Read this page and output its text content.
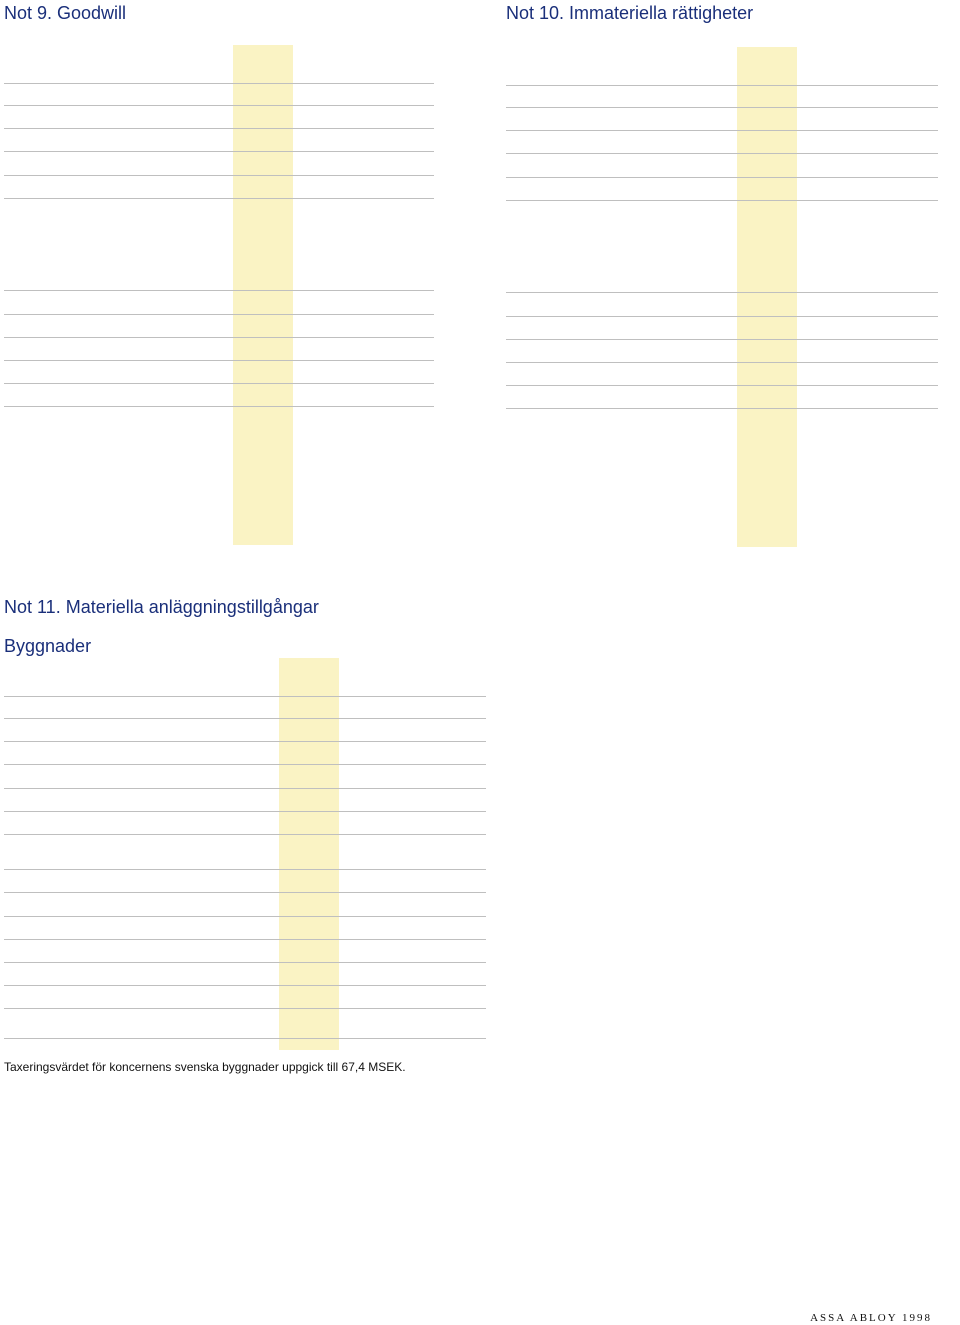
Not 9. Goodwill	Not 10. Immateriella rättigheter
Not 11. Materiella anläggningstillgångar
Byggnader
Taxeringsvärdet för koncernens svenska byggnader uppgick till 67,4 MSEK.
ASSA ABLOY 1998
